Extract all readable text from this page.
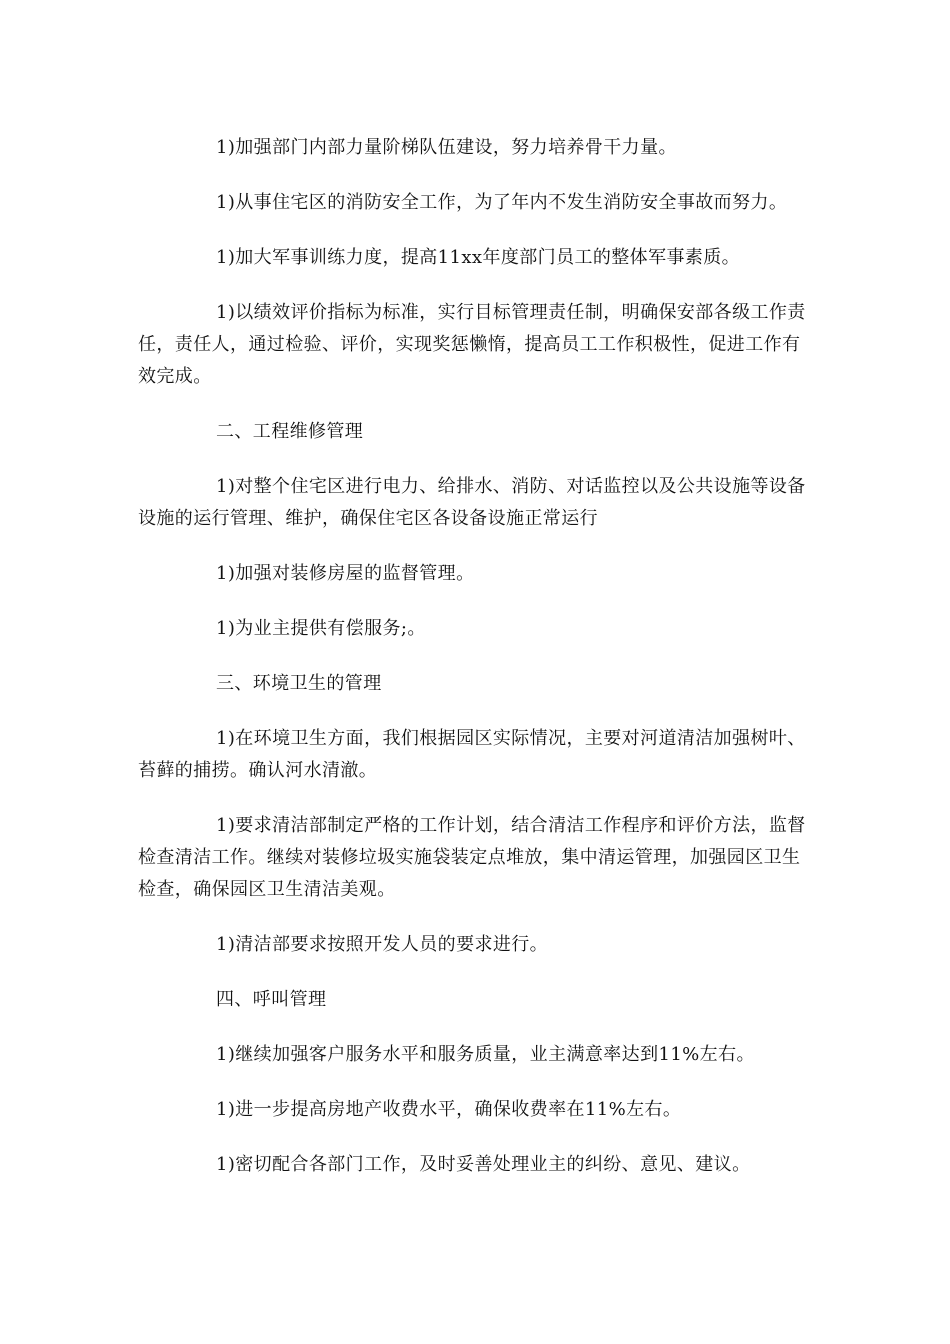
1)加强部门内部力量阶梯队伍建设，努力培养骨干力量。

1)从事住宅区的消防安全工作，为了年内不发生消防安全事故而努力。

1)加大军事训练力度，提高11xx年度部门员工的整体军事素质。

1)以绩效评价指标为标准，实行目标管理责任制，明确保安部各级工作责任，责任人，通过检验、评价，实现奖惩懒惰，提高员工工作积极性，促进工作有效完成。

二、工程维修管理

1)对整个住宅区进行电力、给排水、消防、对话监控以及公共设施等设备设施的运行管理、维护，确保住宅区各设备设施正常运行

1)加强对装修房屋的监督管理。

1)为业主提供有偿服务;。

三、环境卫生的管理

1)在环境卫生方面，我们根据园区实际情况，主要对河道清洁加强树叶、苔藓的捕捞。确认河水清澈。

1)要求清洁部制定严格的工作计划，结合清洁工作程序和评价方法，监督检查清洁工作。继续对装修垃圾实施袋装定点堆放，集中清运管理，加强园区卫生检查，确保园区卫生清洁美观。

1)清洁部要求按照开发人员的要求进行。

四、呼叫管理

1)继续加强客户服务水平和服务质量，业主满意率达到11%左右。

1)进一步提高房地产收费水平，确保收费率在11%左右。

1)密切配合各部门工作，及时妥善处理业主的纠纷、意见、建议。
